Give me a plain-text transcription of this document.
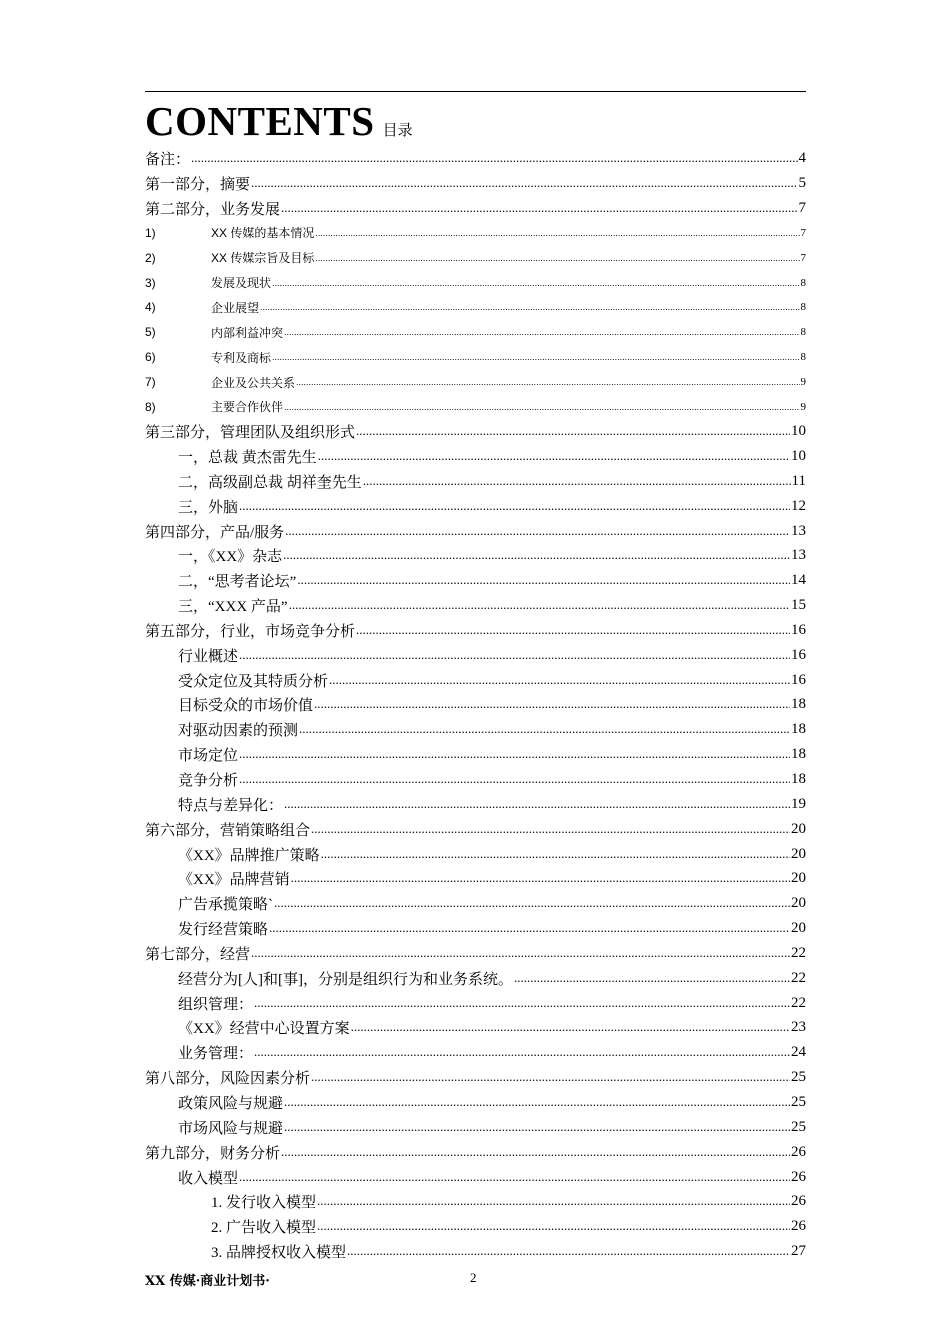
CONTENTS 目录
备注： .....	4
第一部分，摘要 .....	5
第二部分，业务发展 .....	7
1)	XX 传媒的基本情况 .....	7
2)	XX 传媒宗旨及目标 .....	7
3)	发展及现状 .....	8
4)	企业展望 .....	8
5)	内部利益冲突 .....	8
6)	专利及商标 .....	8
7)	企业及公共关系 .....	9
8)	主要合作伙伴 .....	9
第三部分，管理团队及组织形式 .....	10
一，总裁 黄杰雷先生 .....	10
二，高级副总裁 胡祥奎先生 .....	11
三，外脑 .....	12
第四部分，产品/服务 .....	13
一，《XX》杂志 .....	13
二，“思考者论坛” .....	14
三，“XXX 产品” .....	15
第五部分，行业，市场竞争分析 .....	16
行业概述 .....	16
受众定位及其特质分析 .....	16
目标受众的市场价值 .....	18
对驱动因素的预测 .....	18
市场定位 .....	18
竞争分析 .....	18
特点与差异化： .....	19
第六部分，营销策略组合 .....	20
《XX》品牌推广策略 .....	20
《XX》品牌营销 .....	20
广告承揽策略` .....	20
发行经营策略 .....	20
第七部分，经营 .....	22
经营分为[人]和[事]，分别是组织行为和业务系统。 .....	22
组织管理： .....	22
《XX》经营中心设置方案 .....	23
业务管理： .....	24
第八部分，风险因素分析 .....	25
政策风险与规避 .....	25
市场风险与规避 .....	25
第九部分，财务分析 .....	26
收入模型 .....	26
1. 发行收入模型 .....	26
2. 广告收入模型 .....	26
3. 品牌授权收入模型 .....	27
XX 传媒·商业计划书·	2
